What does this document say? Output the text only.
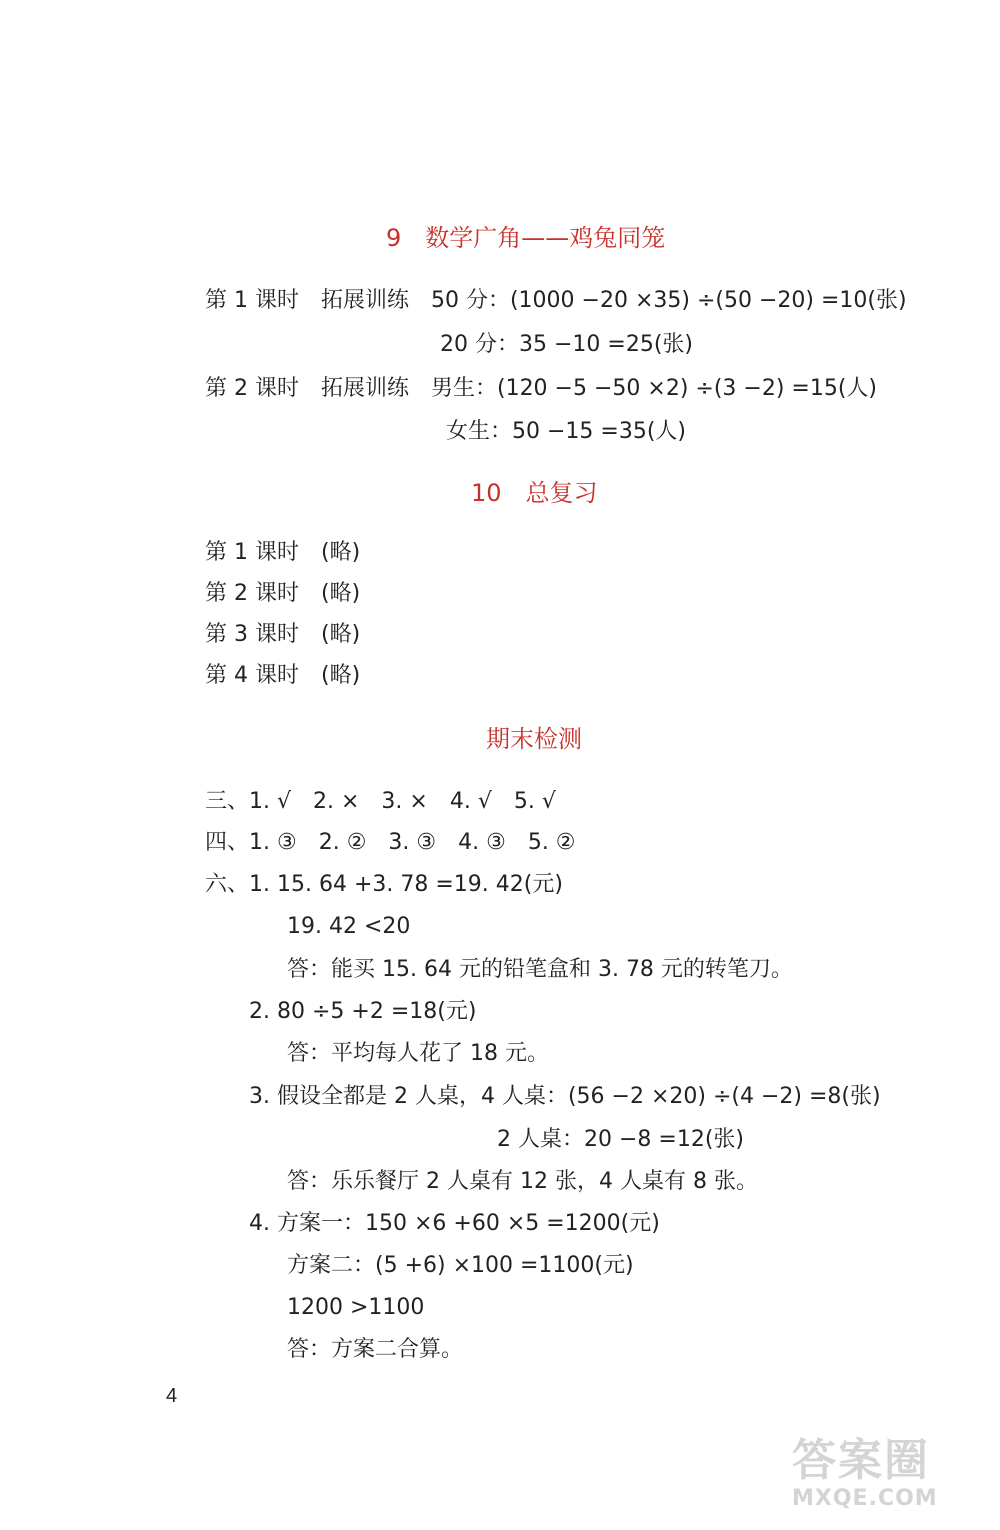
9　数学广角——鸡兔同笼
第 1 课时　拓展训练　50 分：(1000 −20 ×35) ÷(50 −20) =10(张)
20 分：35 −10 =25(张)
第 2 课时　拓展训练　男生：(120 −5 −50 ×2) ÷(3 −2) =15(人)
女生：50 −15 =35(人)
10　总复习
第 1 课时　(略)
第 2 课时　(略)
第 3 课时　(略)
第 4 课时　(略)
期末检测
三、1. √　2. ×　3. ×　4. √　5. √
四、1. ③　2. ②　3. ③　4. ③　5. ②
六、1. 15. 64 +3. 78 =19. 42(元)
19. 42 <20
答：能买 15. 64 元的铅笔盒和 3. 78 元的转笔刀。
2. 80 ÷5 +2 =18(元)
答：平均每人花了 18 元。
3. 假设全都是 2 人桌，4 人桌：(56 −2 ×20) ÷(4 −2) =8(张)
2 人桌：20 −8 =12(张)
答：乐乐餐厅 2 人桌有 12 张，4 人桌有 8 张。
4. 方案一：150 ×6 +60 ×5 =1200(元)
方案二：(5 +6) ×100 =1100(元)
1200 >1100
答：方案二合算。
4
答案圈
MXQE.COM
